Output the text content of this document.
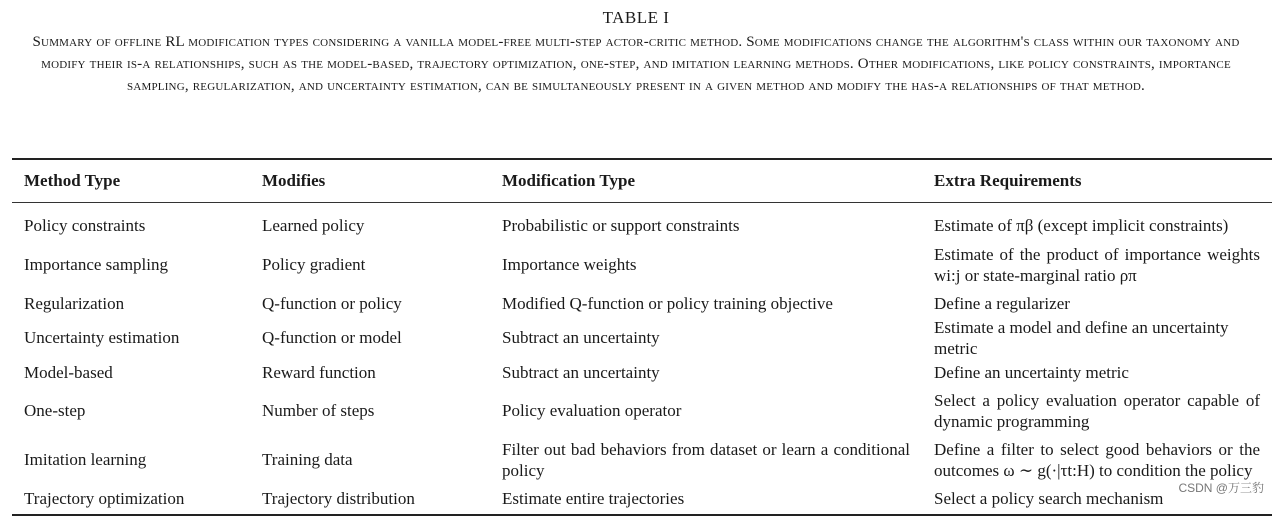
TABLE I
Summary of offline RL modification types considering a vanilla model-free multi-step actor-critic method. Some modifications change the algorithm's class within our taxonomy and modify their is-a relationships, such as the model-based, trajectory optimization, one-step, and imitation learning methods. Other modifications, like policy constraints, importance sampling, regularization, and uncertainty estimation, can be simultaneously present in a given method and modify the has-a relationships of that method.
Method Type	Modifies	Modification Type	Extra Requirements
Policy constraints	Learned policy	Probabilistic or support constraints	Estimate of πβ (except implicit constraints)
Importance sampling	Policy gradient	Importance weights	Estimate of the product of importance weights wi:j or state-marginal ratio ρπ
Regularization	Q-function or policy	Modified Q-function or policy training objective	Define a regularizer
Uncertainty estimation	Q-function or model	Subtract an uncertainty	Estimate a model and define an uncertainty metric
Model-based	Reward function	Subtract an uncertainty	Define an uncertainty metric
One-step	Number of steps	Policy evaluation operator	Select a policy evaluation operator capable of dynamic programming
Imitation learning	Training data	Filter out bad behaviors from dataset or learn a conditional policy	Define a filter to select good behaviors or the outcomes ω ∼ g(·|τt:H) to condition the policy
Trajectory optimization	Trajectory distribution	Estimate entire trajectories	Select a policy search mechanism
CSDN @万三豹
